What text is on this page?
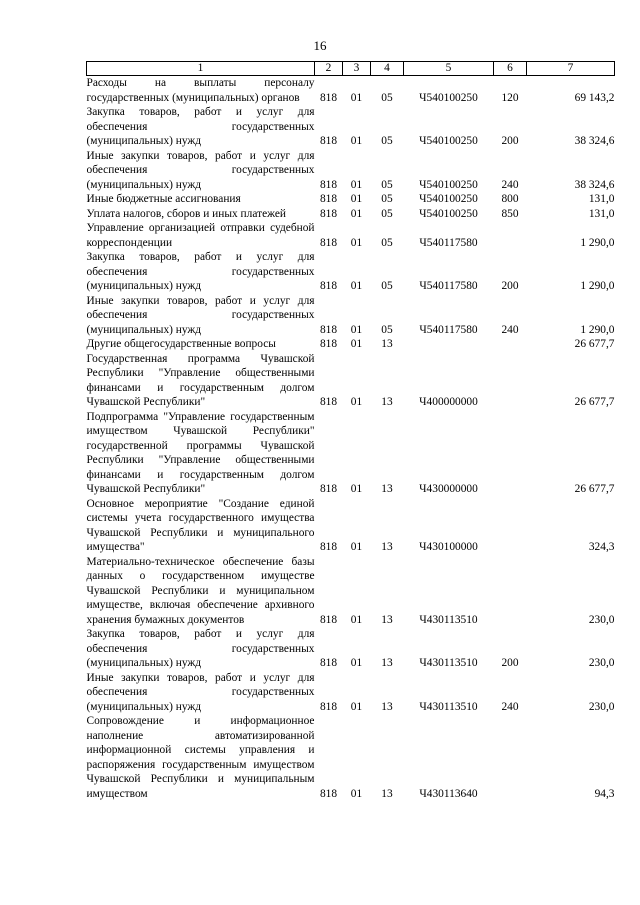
16
1	2	3	4	5	6	7
Расходы на выплаты персоналу государственных (муниципальных) органов	818	01	05	Ч540100250	120	69 143,2
Закупка товаров, работ и услуг для обеспечения государственных (муниципальных) нужд	818	01	05	Ч540100250	200	38 324,6
Иные закупки товаров, работ и услуг для обеспечения государственных (муниципальных) нужд	818	01	05	Ч540100250	240	38 324,6
Иные бюджетные ассигнования	818	01	05	Ч540100250	800	131,0
Уплата налогов, сборов и иных платежей	818	01	05	Ч540100250	850	131,0
Управление организацией отправки судебной корреспонденции	818	01	05	Ч540117580		1 290,0
Закупка товаров, работ и услуг для обеспечения государственных (муниципальных) нужд	818	01	05	Ч540117580	200	1 290,0
Иные закупки товаров, работ и услуг для обеспечения государственных (муниципальных) нужд	818	01	05	Ч540117580	240	1 290,0
Другие общегосударственные вопросы	818	01	13			26 677,7
Государственная программа Чувашской Республики "Управление общественными финансами и государственным долгом Чувашской Республики"	818	01	13	Ч400000000		26 677,7
Подпрограмма "Управление государственным имуществом Чувашской Республики" государственной программы Чувашской Республики "Управление общественными финансами и государственным долгом Чувашской Республики"	818	01	13	Ч430000000		26 677,7
Основное мероприятие "Создание единой системы учета государственного имущества Чувашской Республики и муниципального имущества"	818	01	13	Ч430100000		324,3
Материально-техническое обеспечение базы данных о государственном имуществе Чувашской Республики и муниципальном имуществе, включая обеспечение архивного хранения бумажных документов	818	01	13	Ч430113510		230,0
Закупка товаров, работ и услуг для обеспечения государственных (муниципальных) нужд	818	01	13	Ч430113510	200	230,0
Иные закупки товаров, работ и услуг для обеспечения государственных (муниципальных) нужд	818	01	13	Ч430113510	240	230,0
Сопровождение и информационное наполнение автоматизированной информационной системы управления и распоряжения государственным имуществом Чувашской Республики и муниципальным имуществом	818	01	13	Ч430113640		94,3
